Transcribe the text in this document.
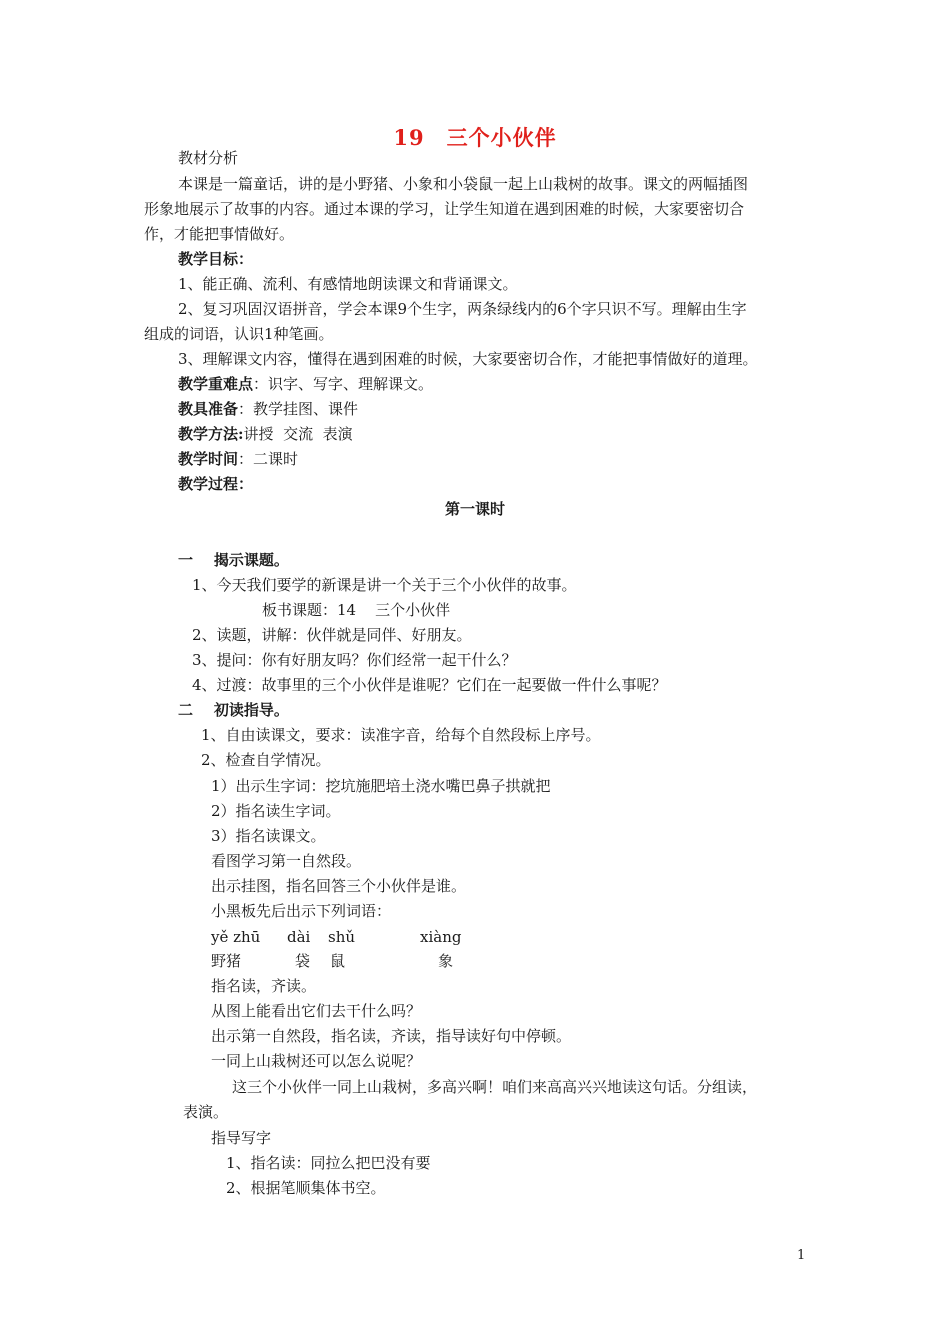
19 三个小伙伴
教材分析
本课是一篇童话，讲的是小野猪、小象和小袋鼠一起上山栽树的故事。课文的两幅插图
形象地展示了故事的内容。通过本课的学习，让学生知道在遇到困难的时候，大家要密切合
作，才能把事情做好。
教学目标：
1、能正确、流利、有感情地朗读课文和背诵课文。
2、复习巩固汉语拼音，学会本课9个生字，两条绿线内的6个字只识不写。理解由生字
组成的词语，认识1种笔画。
3、理解课文内容，懂得在遇到困难的时候，大家要密切合作，才能把事情做好的道理。
教学重难点：识字、写字、理解课文。
教具准备：教学挂图、课件
教学方法:讲授  交流  表演
教学时间：二课时
教学过程：
第一课时
一    揭示课题。
1、今天我们要学的新课是讲一个关于三个小伙伴的故事。
板书课题：14    三个小伙伴
2、读题，讲解：伙伴就是同伴、好朋友。
3、提问：你有好朋友吗？你们经常一起干什么？
4、过渡：故事里的三个小伙伴是谁呢？它们在一起要做一件什么事呢？
二    初读指导。
1、自由读课文，要求：读准字音，给每个自然段标上序号。
2、检查自学情况。
1）出示生字词：挖坑施肥培土浇水嘴巴鼻子拱就把
2）指名读生字词。
3）指名读课文。
看图学习第一自然段。
出示挂图，指名回答三个小伙伴是谁。
小黑板先后出示下列词语：
yě zhū dài shǔ	xiàng
野猪	袋 鼠	象
指名读，齐读。
从图上能看出它们去干什么吗？
出示第一自然段，指名读，齐读，指导读好句中停顿。
一同上山栽树还可以怎么说呢？
这三个小伙伴一同上山栽树，多高兴啊！咱们来高高兴兴地读这句话。分组读，
表演。
指导写字
1、指名读：同拉么把巴没有要
2、根据笔顺集体书空。
1
